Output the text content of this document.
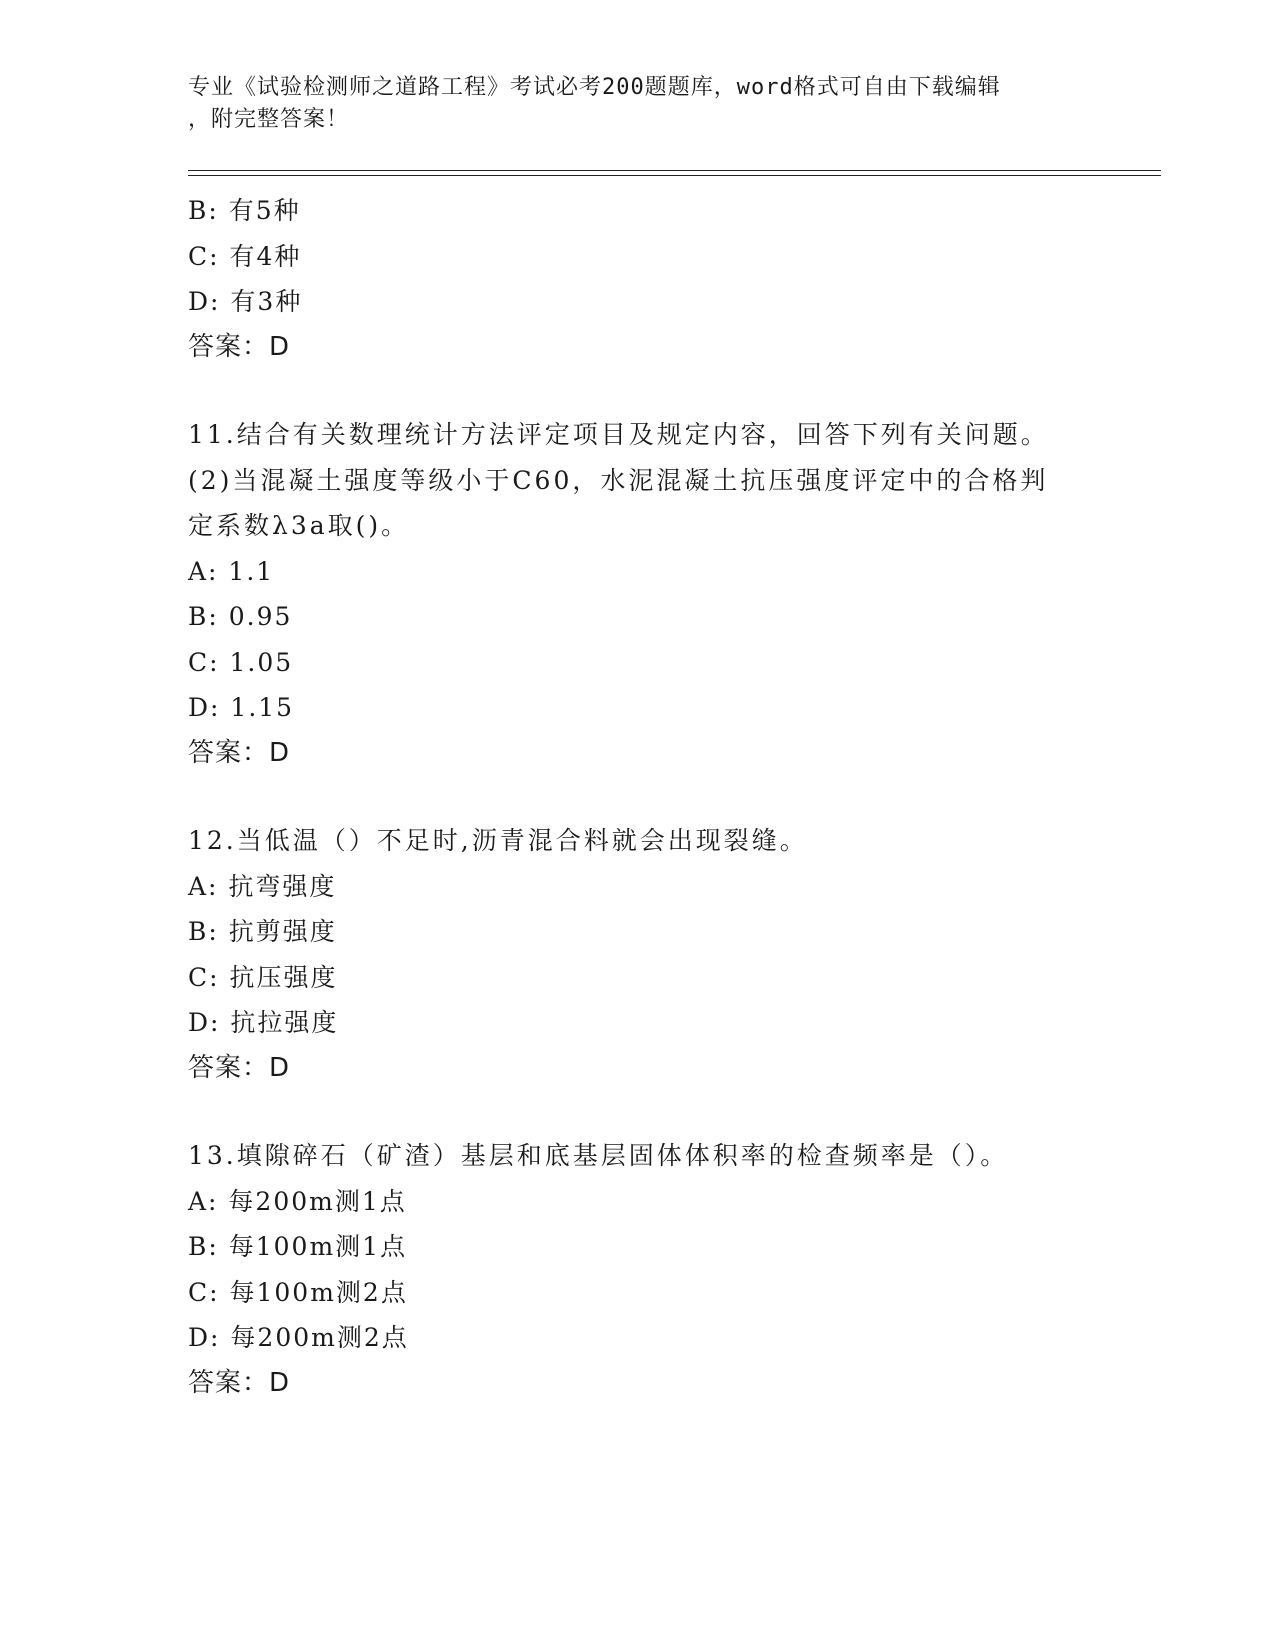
专业《试验检测师之道路工程》考试必考200题题库，word格式可自由下载编辑
，附完整答案！
B: 有5种
C: 有4种
D: 有3种
答案：D
11.结合有关数理统计方法评定项目及规定内容，回答下列有关问题。
(2)当混凝土强度等级小于C60，水泥混凝土抗压强度评定中的合格判
定系数λ3a取()。
A: 1.1
B: 0.95
C: 1.05
D: 1.15
答案：D
12.当低温（）不足时,沥青混合料就会出现裂缝。
A: 抗弯强度
B: 抗剪强度
C: 抗压强度
D: 抗拉强度
答案：D
13.填隙碎石（矿渣）基层和底基层固体体积率的检查频率是（）。
A: 每200m测1点
B: 每100m测1点
C: 每100m测2点
D: 每200m测2点
答案：D
